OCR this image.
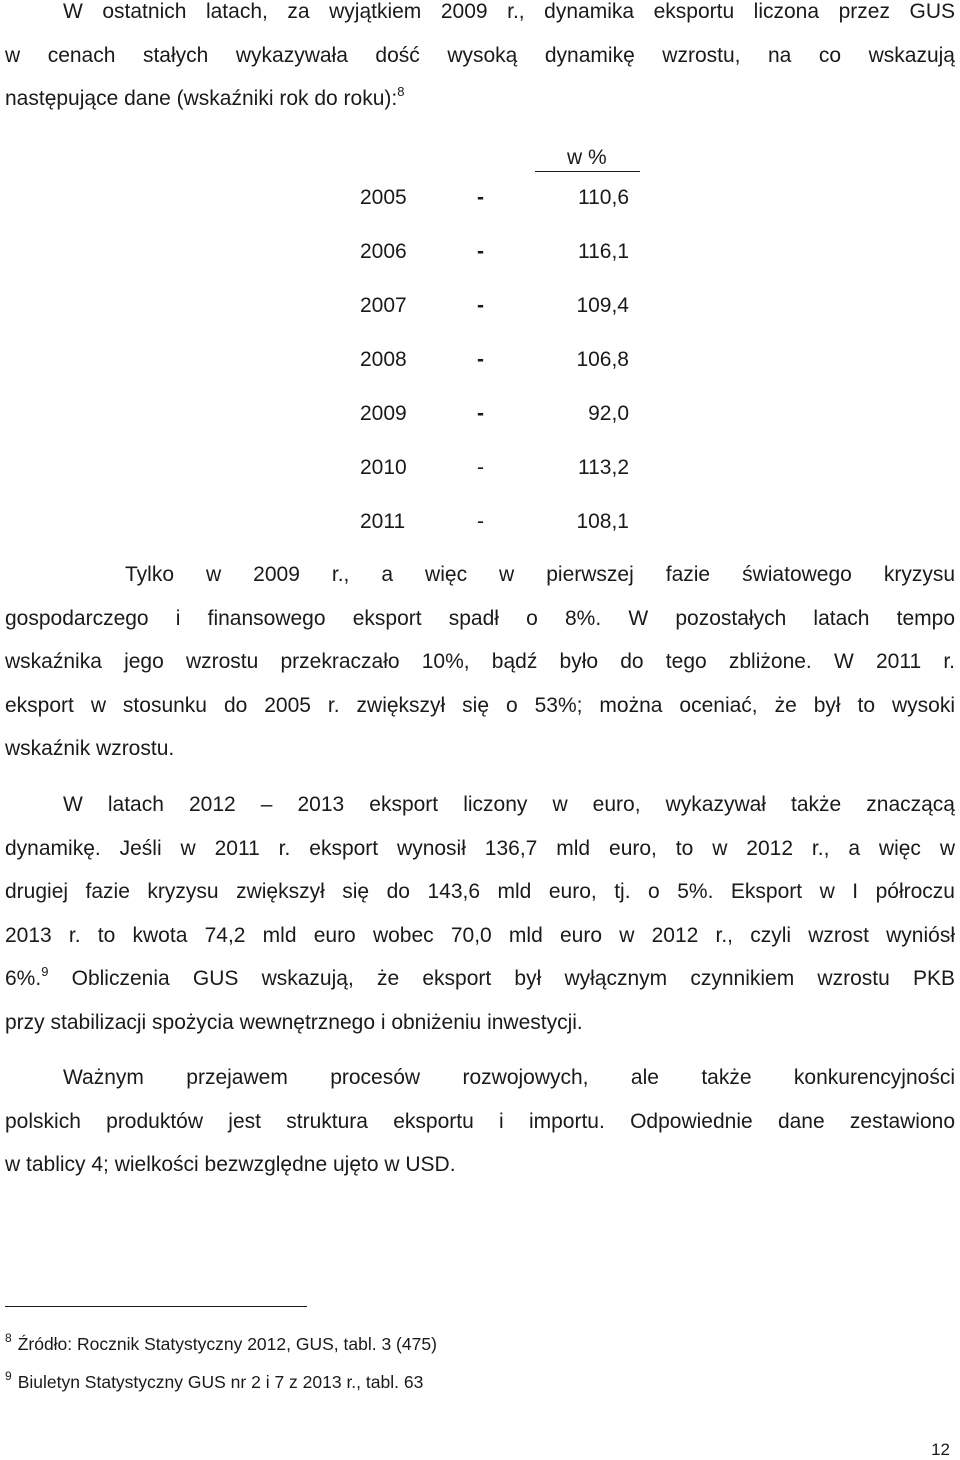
W ostatnich latach, za wyjątkiem 2009 r., dynamika eksportu liczona przez GUS
w cenach stałych wykazywała dość wysoką dynamikę wzrostu, na co wskazują
następujące dane (wskaźniki rok do roku):$^8$
w %
2005	-	110,6
2006	-	116,1
2007	-	109,4
2008	-	106,8
2009	-	92,0
2010	-	113,2
2011	-	108,1
Tylko w 2009 r., a więc w pierwszej fazie światowego kryzysu
gospodarczego i finansowego eksport spadł o 8%. W pozostałych latach tempo
wskaźnika jego wzrostu przekraczało 10%, bądź było do tego zbliżone. W 2011 r.
eksport w stosunku do 2005 r. zwiększył się o 53%; można oceniać, że był to wysoki
wskaźnik wzrostu.
W latach 2012 – 2013 eksport liczony w euro, wykazywał także znaczącą
dynamikę. Jeśli w 2011 r. eksport wynosił 136,7 mld euro, to w 2012 r., a więc w
drugiej fazie kryzysu zwiększył się do 143,6 mld euro, tj. o 5%. Eksport w I półroczu
2013 r. to kwota 74,2 mld euro wobec 70,0 mld euro w 2012 r., czyli wzrost wyniósł
6%.$^9$ Obliczenia GUS wskazują, że eksport był wyłącznym czynnikiem wzrostu PKB
przy stabilizacji spożycia wewnętrznego i obniżeniu inwestycji.
Ważnym przejawem procesów rozwojowych, ale także konkurencyjności
polskich produktów jest struktura eksportu i importu. Odpowiednie dane zestawiono
w tablicy 4; wielkości bezwzględne ujęto w USD.
$^8$ Źródło: Rocznik Statystyczny 2012, GUS, tabl. 3 (475)
$^9$ Biuletyn Statystyczny GUS nr 2 i 7 z 2013 r., tabl. 63
12
